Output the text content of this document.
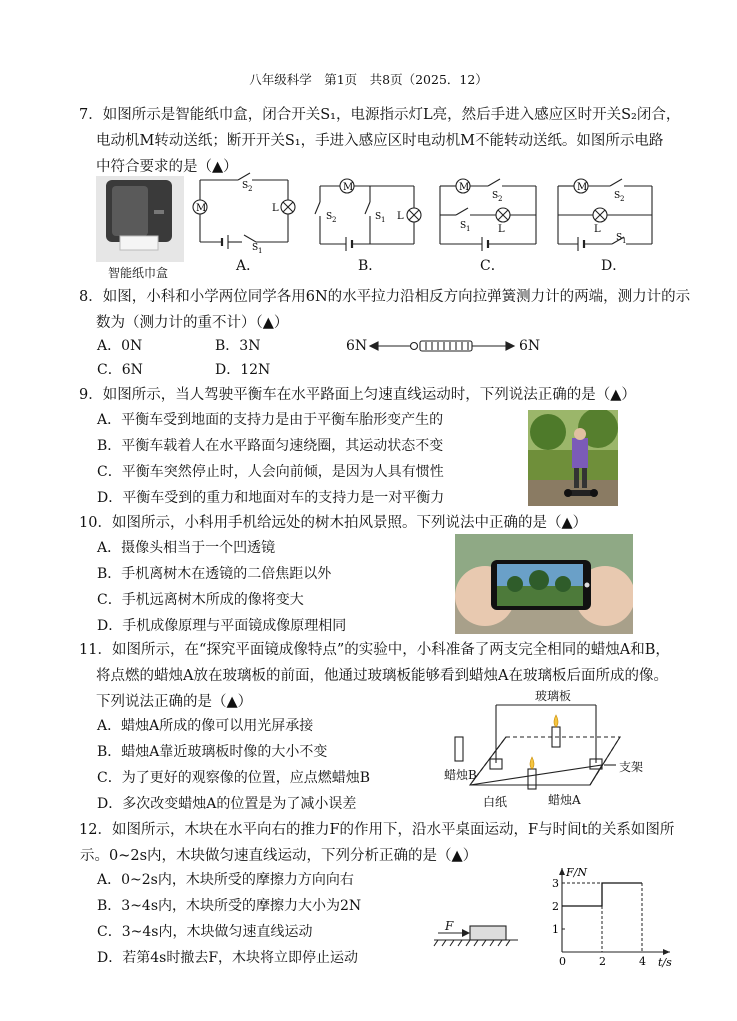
八年级科学　第1页　共8页（2025．12）
7．如图所示是智能纸巾盒，闭合开关S₁，电源指示灯L亮，然后手进入感应区时开关S₂闭合，
电动机M转动送纸；断开开关S₁，手进入感应区时电动机M不能转动送纸。如图所示电路
中符合要求的是（▲）
智能纸巾盒
M
S 2
L
S 1
A．
M
S 2	S 1 L
B．
M
S 2
S 1	L
C．
M
S 2
L
S 1
D．
8．如图，小科和小学两位同学各用6N的水平拉力沿相反方向拉弹簧测力计的两端，测力计的示
数为（测力计的重不计）（▲）
A．0N	B．3N
C．6N	D．12N
6N	6N
9．如图所示，当人驾驶平衡车在水平路面上匀速直线运动时，下列说法正确的是（▲）
A．平衡车受到地面的支持力是由于平衡车胎形变产生的
B．平衡车载着人在水平路面匀速绕圈，其运动状态不变
C．平衡车突然停止时，人会向前倾，是因为人具有惯性
D．平衡车受到的重力和地面对车的支持力是一对平衡力
10．如图所示，小科用手机给远处的树木拍风景照。下列说法中正确的是（▲）
A．摄像头相当于一个凹透镜
B．手机离树木在透镜的二倍焦距以外
C．手机远离树木所成的像将变大
D．手机成像原理与平面镜成像原理相同
11．如图所示，在“探究平面镜成像特点”的实验中，小科准备了两支完全相同的蜡烛A和B，
将点燃的蜡烛A放在玻璃板的前面，他通过玻璃板能够看到蜡烛A在玻璃板后面所成的像。
下列说法正确的是（▲）
A．蜡烛A所成的像可以用光屏承接
B．蜡烛A靠近玻璃板时像的大小不变
C．为了更好的观察像的位置，应点燃蜡烛B
D．多次改变蜡烛A的位置是为了减小误差
玻璃板
蜡烛B
支架
白纸	蜡烛A
12．如图所示，木块在水平向右的推力F的作用下，沿水平桌面运动，F与时间t的关系如图所
示。0~2s内，木块做匀速直线运动，下列分析正确的是（▲）
A．0~2s内，木块所受的摩擦力方向向右
B．3~4s内，木块所受的摩擦力大小为2N
C．3~4s内，木块做匀速直线运动
D．若第4s时撤去F，木块将立即停止运动
F
F/N
t/s
0	2	4
1
2
3
